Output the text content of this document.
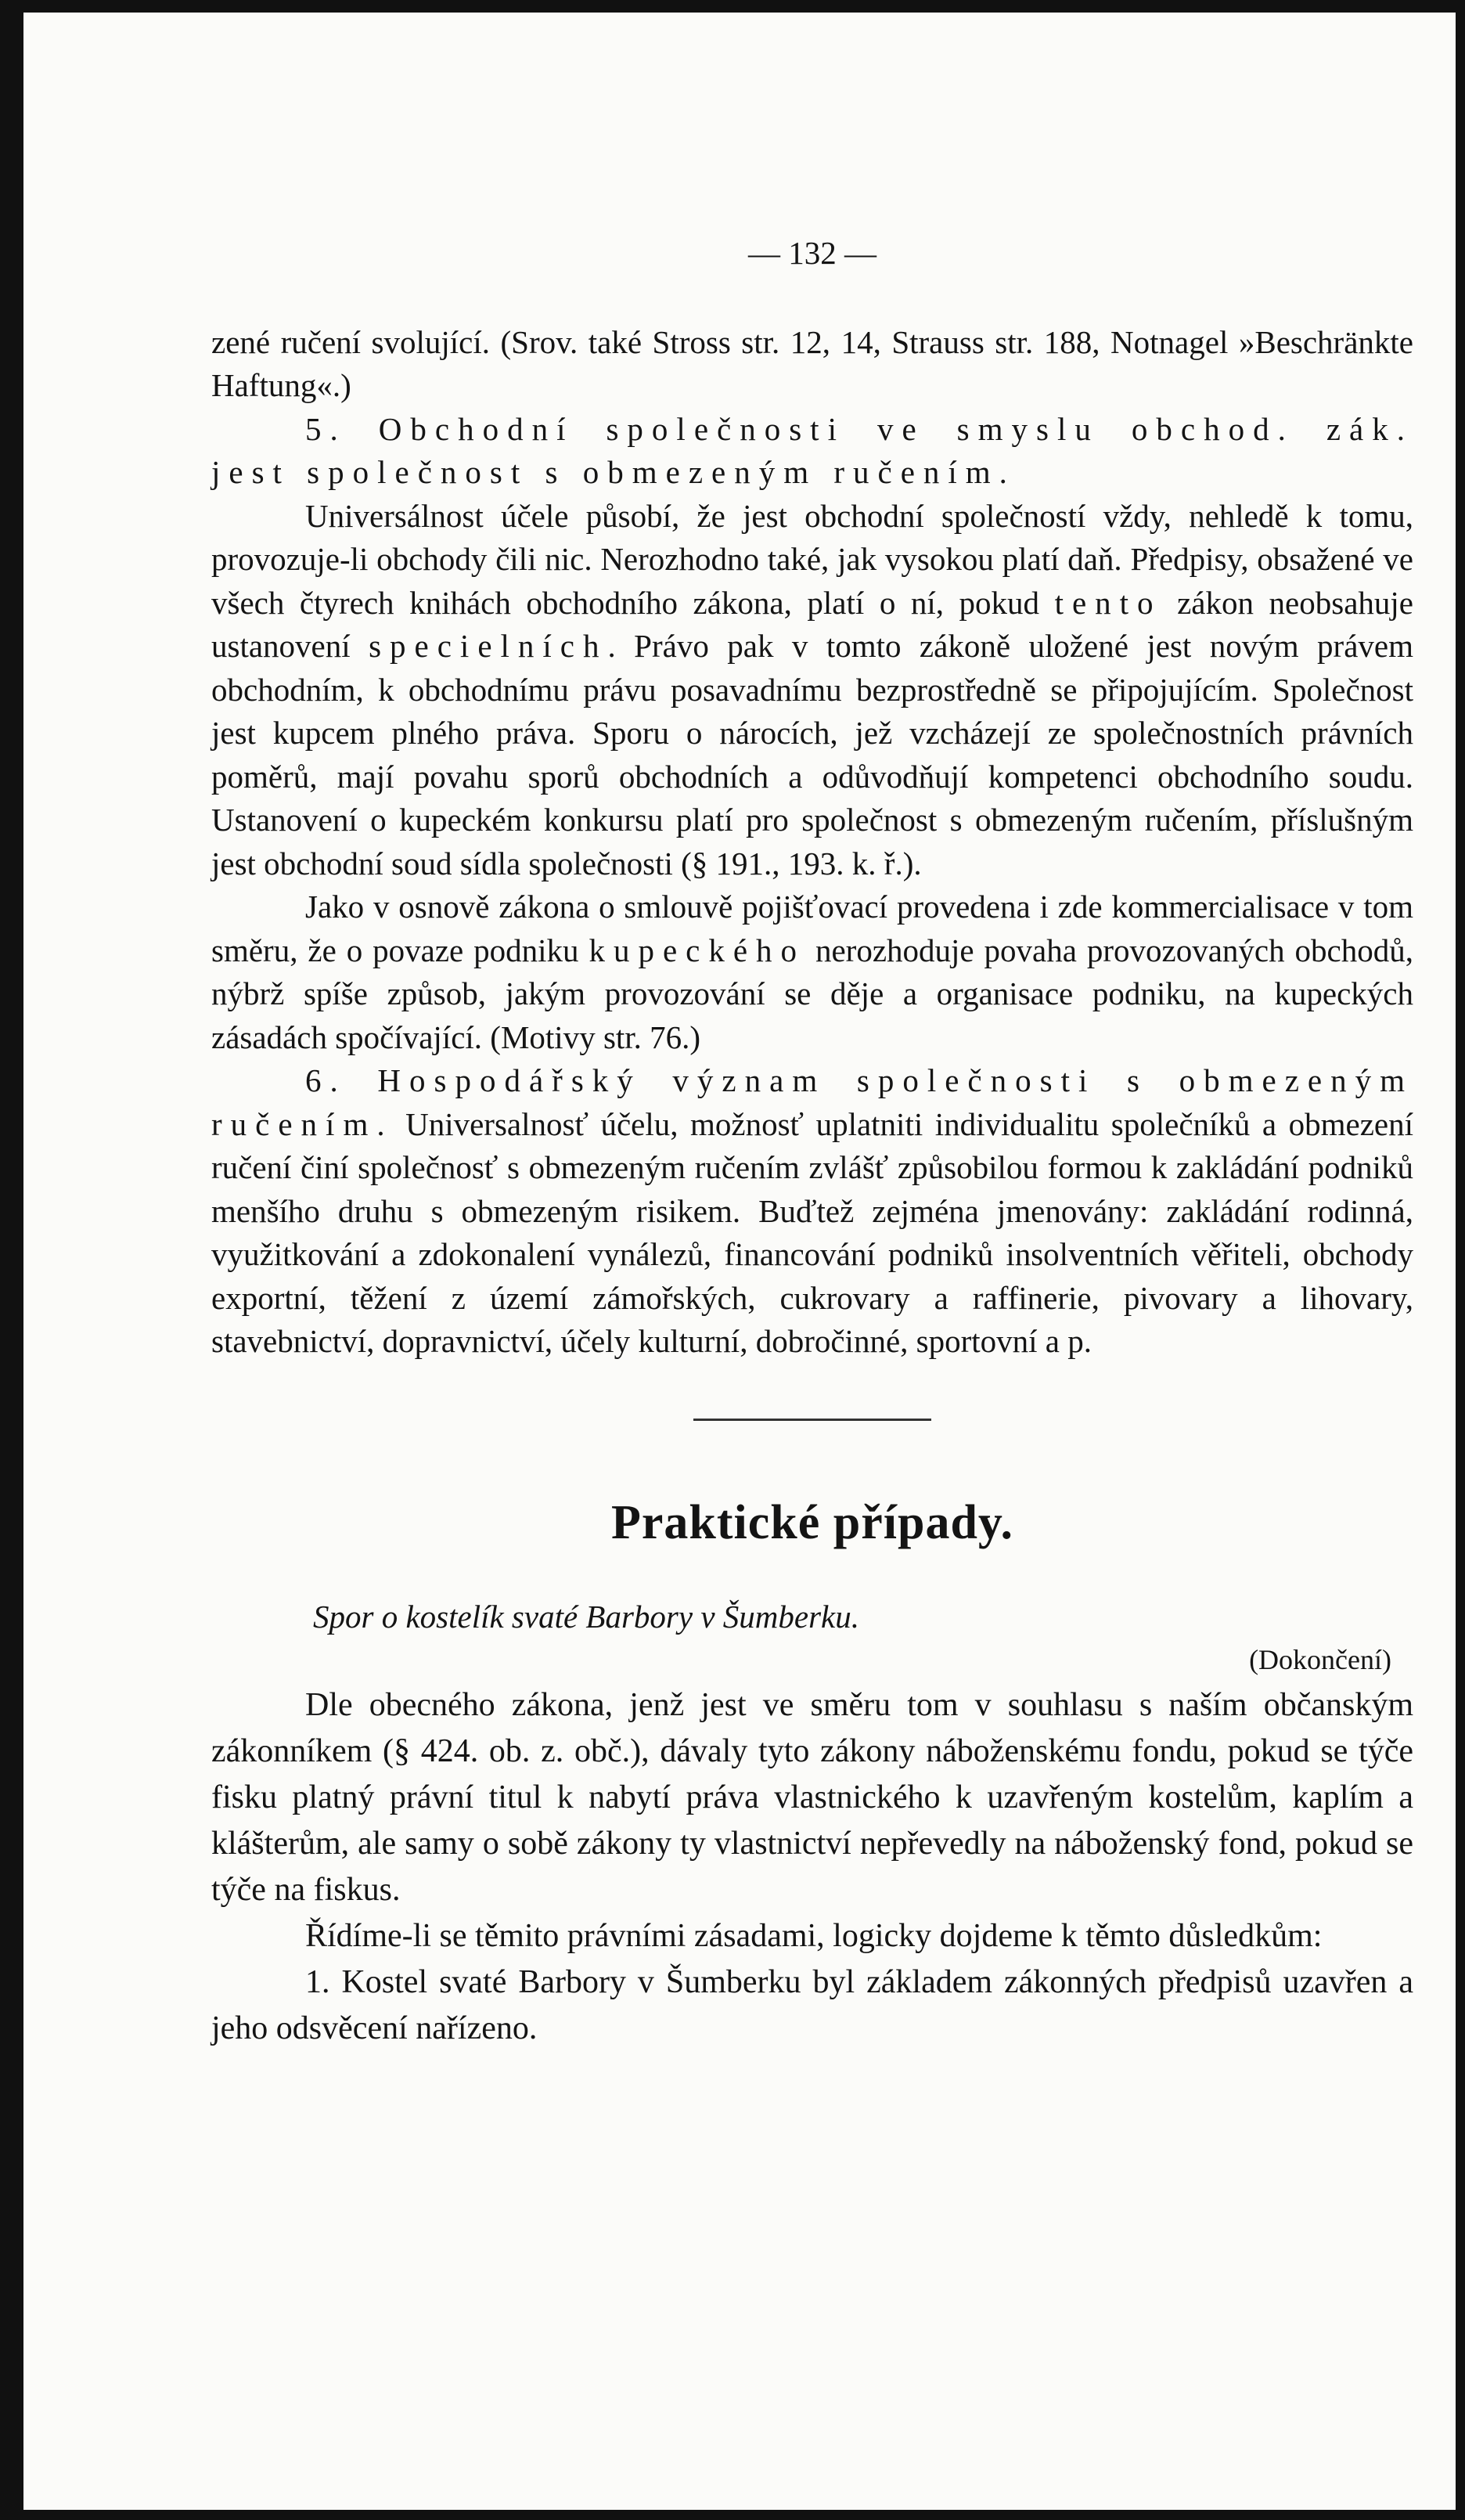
— 132 —

zené ručení svolující. (Srov. také Stross str. 12, 14, Strauss str. 188, Notnagel »Beschränkte Haftung«.)

5. Obchodní společnosti ve smyslu obchod. zák. jest společnost s obmezeným ručením.

Universálnost účele působí, že jest obchodní společností vždy, nehledě k tomu, provozuje-li obchody čili nic. Nerozhodno také, jak vysokou platí daň. Předpisy, obsažené ve všech čtyrech knihách obchodního zákona, platí o ní, pokud tento zákon neobsahuje ustanovení specielních. Právo pak v tomto zákoně uložené jest novým právem obchodním, k obchodnímu právu posavadnímu bezprostředně se připojujícím. Společnost jest kupcem plného práva. Sporu o nárocích, jež vzcházejí ze společnostních právních poměrů, mají povahu sporů obchodních a odůvodňují kompetenci obchodního soudu. Ustanovení o kupeckém konkursu platí pro společnost s obmezeným ručením, příslušným jest obchodní soud sídla společnosti (§ 191., 193. k. ř.).

Jako v osnově zákona o smlouvě pojišťovací provedena i zde kommercialisace v tom směru, že o povaze podniku kupeckého nerozhoduje povaha provozovaných obchodů, nýbrž spíše způsob, jakým provozování se děje a organisace podniku, na kupeckých zásadách spočívající. (Motivy str. 76.)

6. Hospodářský význam společnosti s obmezeným ručením. Universalnosť účelu, možnosť uplatniti individualitu společníků a obmezení ručení činí společnosť s obmezeným ručením zvlášť způsobilou formou k zakládání podniků menšího druhu s obmezeným risikem. Buďtež zejména jmenovány: zakládání rodinná, využitkování a zdokonalení vynálezů, financování podniků insolventních věřiteli, obchody exportní, těžení z území zámořských, cukrovary a raffinerie, pivovary a lihovary, stavebnictví, dopravnictví, účely kulturní, dobročinné, sportovní a p.

Praktické případy.

Spor o kostelík svaté Barbory v Šumberku.

(Dokončení)

Dle obecného zákona, jenž jest ve směru tom v souhlasu s naším občanským zákonníkem (§ 424. ob. z. obč.), dávaly tyto zákony náboženskému fondu, pokud se týče fisku platný právní titul k nabytí práva vlastnického k uzavřeným kostelům, kaplím a klášterům, ale samy o sobě zákony ty vlastnictví nepřevedly na náboženský fond, pokud se týče na fiskus.

Řídíme-li se těmito právními zásadami, logicky dojdeme k těmto důsledkům:

1. Kostel svaté Barbory v Šumberku byl základem zákonných předpisů uzavřen a jeho odsvěcení nařízeno.
